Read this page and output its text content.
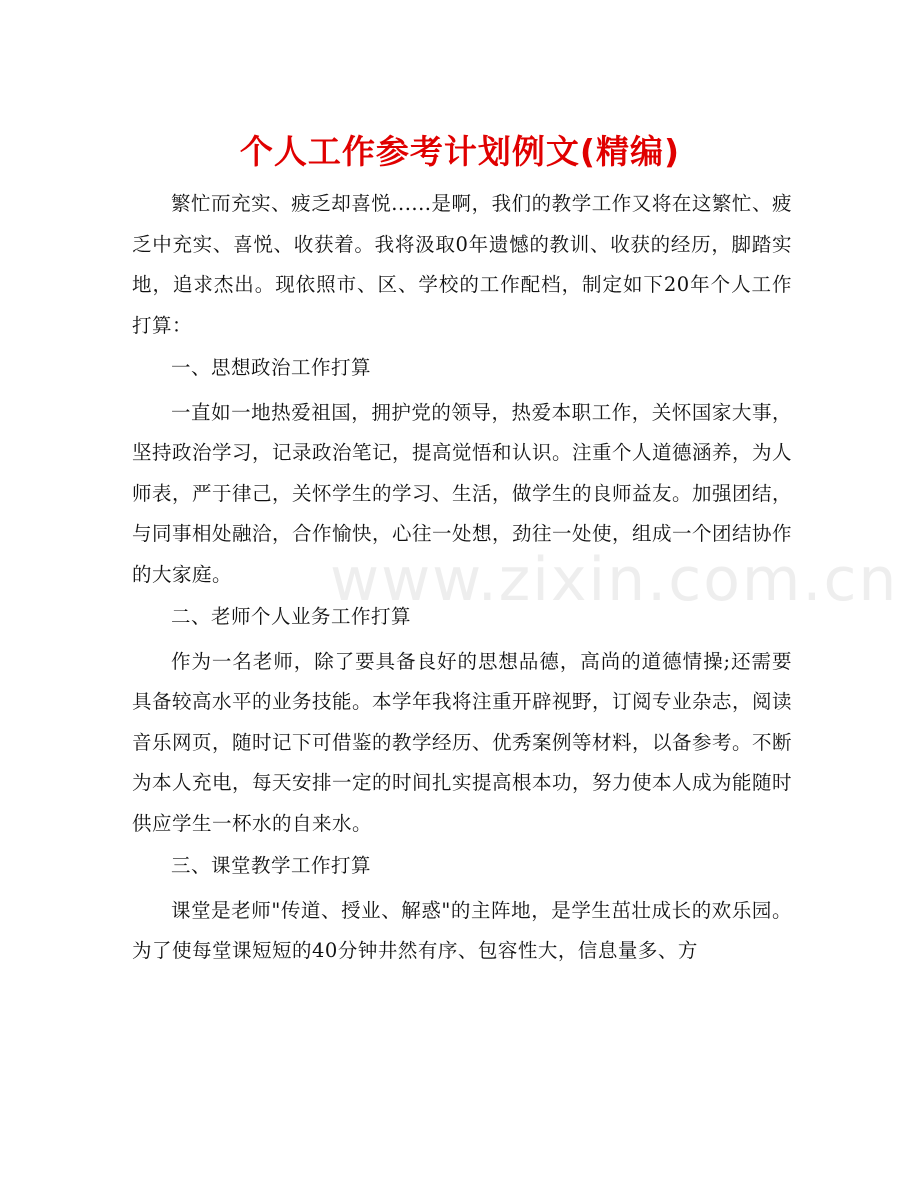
www.zixin.com.cn
个人工作参考计划例文(精编)

繁忙而充实、疲乏却喜悦......是啊，我们的教学工作又将在这繁忙、疲乏中充实、喜悦、收获着。我将汲取0年遗憾的教训、收获的经历，脚踏实地，追求杰出。现依照市、区、学校的工作配档，制定如下20年个人工作打算：

一、思想政治工作打算

一直如一地热爱祖国，拥护党的领导，热爱本职工作，关怀国家大事，坚持政治学习，记录政治笔记，提高觉悟和认识。注重个人道德涵养，为人师表，严于律己，关怀学生的学习、生活，做学生的良师益友。加强团结，与同事相处融洽，合作愉快，心往一处想，劲往一处使，组成一个团结协作的大家庭。

二、老师个人业务工作打算

作为一名老师，除了要具备良好的思想品德，高尚的道德情操;还需要具备较高水平的业务技能。本学年我将注重开辟视野，订阅专业杂志，阅读音乐网页，随时记下可借鉴的教学经历、优秀案例等材料，以备参考。不断为本人充电，每天安排一定的时间扎实提高根本功，努力使本人成为能随时供应学生一杯水的自来水。

三、课堂教学工作打算

课堂是老师"传道、授业、解惑"的主阵地，是学生茁壮成长的欢乐园。为了使每堂课短短的40分钟井然有序、包容性大，信息量多、方
